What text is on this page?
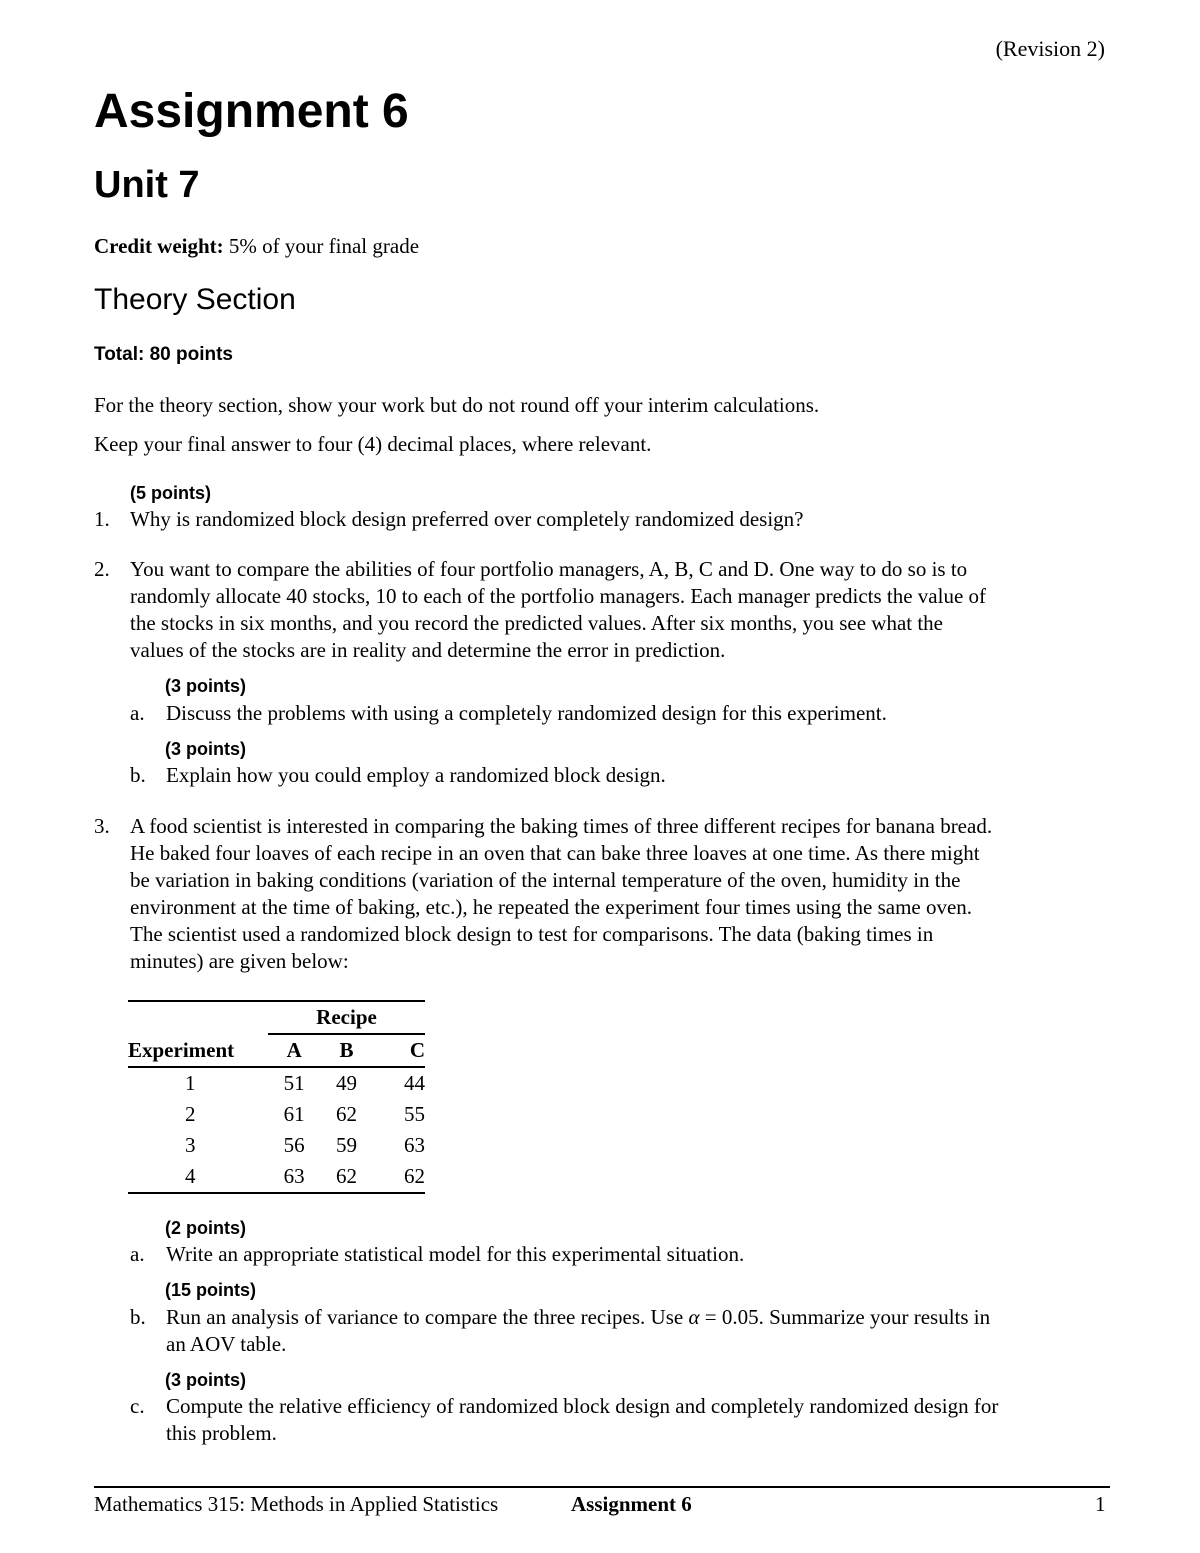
(Revision 2)
Assignment 6
Unit 7
Credit weight: 5% of your final grade
Theory Section
Total: 80 points
For the theory section, show your work but do not round off your interim calculations.
Keep your final answer to four (4) decimal places, where relevant.
(5 points)
1. Why is randomized block design preferred over completely randomized design?
2. You want to compare the abilities of four portfolio managers, A, B, C and D. One way to do so is to
randomly allocate 40 stocks, 10 to each of the portfolio managers. Each manager predicts the value of
the stocks in six months, and you record the predicted values. After six months, you see what the
values of the stocks are in reality and determine the error in prediction.
(3 points)
a. Discuss the problems with using a completely randomized design for this experiment.
(3 points)
b. Explain how you could employ a randomized block design.
3. A food scientist is interested in comparing the baking times of three different recipes for banana bread.
He baked four loaves of each recipe in an oven that can bake three loaves at one time. As there might
be variation in baking conditions (variation of the internal temperature of the oven, humidity in the
environment at the time of baking, etc.), he repeated the experiment four times using the same oven.
The scientist used a randomized block design to test for comparisons. The data (baking times in
minutes) are given below:
	Recipe		
Experiment	A	B	C
1	51	49	44
2	61	62	55
3	56	59	63
4	63	62	62
(2 points)
a. Write an appropriate statistical model for this experimental situation.
(15 points)
b. Run an analysis of variance to compare the three recipes. Use α = 0.05. Summarize your results in
an AOV table.
(3 points)
c. Compute the relative efficiency of randomized block design and completely randomized design for
this problem.
Mathematics 315: Methods in Applied Statistics	Assignment 6	1
